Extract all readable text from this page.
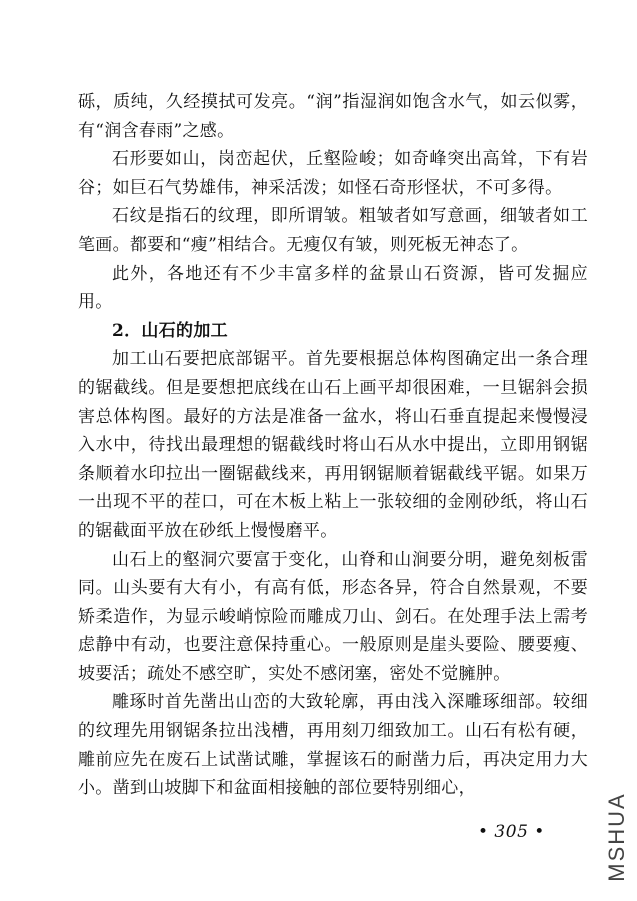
砾，质纯，久经摸拭可发亮。“润”指湿润如饱含水气，如云似雾，有“润含春雨”之感。

石形要如山，岗峦起伏，丘壑险峻；如奇峰突出高耸，下有岩谷；如巨石气势雄伟，神采活泼；如怪石奇形怪状，不可多得。

石纹是指石的纹理，即所谓皱。粗皱者如写意画，细皱者如工笔画。都要和“瘦”相结合。无瘦仅有皱，则死板无神态了。

此外，各地还有不少丰富多样的盆景山石资源，皆可发掘应用。

2．山石的加工

加工山石要把底部锯平。首先要根据总体构图确定出一条合理的锯截线。但是要想把底线在山石上画平却很困难，一旦锯斜会损害总体构图。最好的方法是准备一盆水，将山石垂直提起来慢慢浸入水中，待找出最理想的锯截线时将山石从水中提出，立即用钢锯条顺着水印拉出一圈锯截线来，再用钢锯顺着锯截线平锯。如果万一出现不平的茬口，可在木板上粘上一张较细的金刚砂纸，将山石的锯截面平放在砂纸上慢慢磨平。

山石上的壑洞穴要富于变化，山脊和山涧要分明，避免刻板雷同。山头要有大有小，有高有低，形态各异，符合自然景观，不要矫柔造作，为显示峻峭惊险而雕成刀山、剑石。在处理手法上需考虑静中有动，也要注意保持重心。一般原则是崖头要险、腰要瘦、坡要活；疏处不感空旷，实处不感闭塞，密处不觉臃肿。

雕琢时首先凿出山峦的大致轮廓，再由浅入深雕琢细部。较细的纹理先用钢锯条拉出浅槽，再用刻刀细致加工。山石有松有硬，雕前应先在废石上试凿试雕，掌握该石的耐凿力后，再决定用力大小。凿到山坡脚下和盆面相接触的部位要特别细心，

• 305 •	MSHUA
